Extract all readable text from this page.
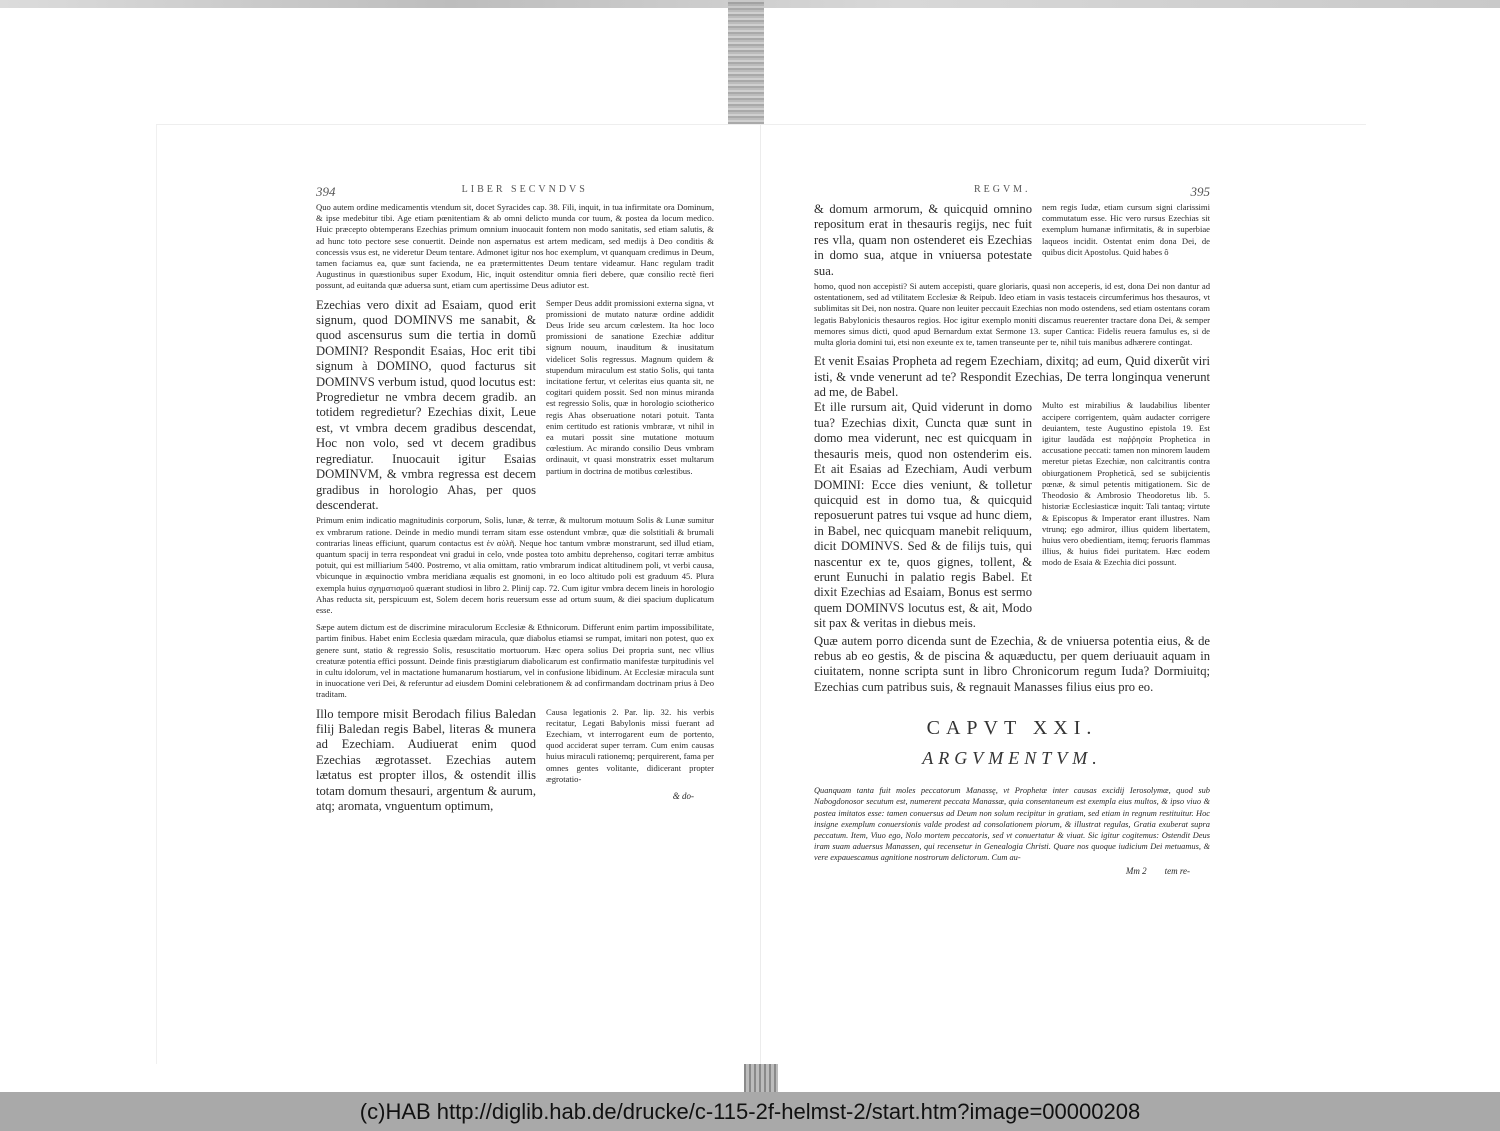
394	LIBER SECVNDVS

Quo autem ordine medicamentis vtendum sit, docet Syracides cap. 38. Fili, inquit, in tua infirmitate ora Dominum, & ipse medebitur tibi. Age etiam pœnitentiam & ab omni delicto munda cor tuum, & postea da locum medico. Huic præcepto obtemperans Ezechias primum omnium inuocauit fontem non modo sanitatis, sed etiam salutis, & ad hunc toto pectore sese conuertit. Deinde non aspernatus est artem medicam, sed medijs à Deo conditis & concessis vsus est, ne videretur Deum tentare. Admonet igitur nos hoc exemplum, vt quanquam credimus in Deum, tamen faciamus ea, quæ sunt facienda, ne ea prætermittentes Deum tentare videamur. Hanc regulam tradit Augustinus in quæstionibus super Exodum, Hic, inquit ostenditur omnia fieri debere, quæ consilio rectè fieri possunt, ad euitanda quæ aduersa sunt, etiam cum apertissime Deus adiutor est.

Ezechias vero dixit ad Esaiam, quod erit signum, quod DOMINVS me sanabit, & quod ascensurus sum die tertia in domũ DOMINI? Respondit Esaias, Hoc erit tibi signum à DOMINO, quod facturus sit DOMINVS verbum istud, quod locutus est: Progredietur ne vmbra decem gradib. an totidem regredietur? Ezechias dixit, Leue est, vt vmbra decem gradibus descendat, Hoc non volo, sed vt decem gradibus regrediatur. Inuocauit igitur Esaias DOMINVM, & vmbra regressa est decem gradibus in horologio Ahas, per quos descenderat.

Semper Deus addit promissioni externa signa, vt promissioni de mutato naturæ ordine addidit Deus Iride seu arcum cœlestem. Ita hoc loco promissioni de sanatione Ezechiæ additur signum nouum, inauditum & inusitatum videlicet Solis regressus. Magnum quidem & stupendum miraculum est statio Solis, qui tanta incitatione fertur, vt celeritas eius quanta sit, ne cogitari quidem possit. Sed non minus miranda est regressio Solis, quæ in horologio sciotherico regis Ahas obseruatione notari potuit. Tanta enim certitudo est rationis vmbraræ, vt nihil in ea mutari possit sine mutatione motuum cœlestium. Ac mirando consilio Deus vmbram ordinauit, vt quasi monstratrix esset multarum partium in doctrina de motibus cœlestibus.

Primum enim indicatio magnitudinis corporum, Solis, lunæ, & terræ, & multorum motuum Solis & Lunæ sumitur ex vmbrarum ratione. Deinde in medio mundi terram sitam esse ostendunt vmbræ, quæ die solstitiali & brumali contrarias lineas efficiunt, quarum contactus est ἐν αὐλῆ. Neque hoc tantum vmbræ monstrarunt, sed illud etiam, quantum spacij in terra respondeat vni gradui in celo, vnde postea toto ambitu deprehenso, cogitari terræ ambitus potuit, qui est milliarium 5400. Postremo, vt alia omittam, ratio vmbrarum indicat altitudinem poli, vt verbi causa, vbicunque in æquinoctio vmbra meridiana æqualis est gnomoni, in eo loco altitudo poli est graduum 45. Plura exempla huius σχηματισμοῦ quærant studiosi in libro 2. Plinij cap. 72. Cum igitur vmbra decem lineis in horologio Ahas reducta sit, perspicuum est, Solem decem horis reuersum esse ad ortum suum, & diei spacium duplicatum esse.

Sæpe autem dictum est de discrimine miraculorum Ecclesiæ & Ethnicorum. Differunt enim partim impossibilitate, partim finibus. Habet enim Ecclesia quædam miracula, quæ diabolus etiamsi se rumpat, imitari non potest, quo ex genere sunt, statio & regressio Solis, resuscitatio mortuorum. Hæc opera solius Dei propria sunt, nec vllius creaturæ potentia effici possunt. Deinde finis præstigiarum diabolicarum est confirmatio manifestæ turpitudinis vel in cultu idolorum, vel in mactatione humanarum hostiarum, vel in confusione libidinum. At Ecclesiæ miracula sunt in inuocatione veri Dei, & referuntur ad eiusdem Domini celebrationem & ad confirmandam doctrinam prius à Deo traditam.

Illo tempore misit Berodach filius Baledan filij Baledan regis Babel, literas & munera ad Ezechiam. Audiuerat enim quod Ezechias ægrotasset. Ezechias autem lætatus est propter illos, & ostendit illis totam domum thesauri, argentum & aurum, atq; aromata, vnguentum optimum,

Causa legationis 2. Par. lip. 32. his verbis recitatur, Legati Babylonis missi fuerant ad Ezechiam, vt interrogarent eum de portento, quod acciderat super terram. Cum enim causas huius miraculi rationemq; perquirerent, fama per omnes gentes volitante, didicerant propter ægrotatio-

& do-
REGVM.	395

& domum armorum, & quicquid omnino repositum erat in thesauris regijs, nec fuit res vlla, quam non ostenderet eis Ezechias in domo sua, atque in vniuersa potestate sua.

nem regis Iudæ, etiam cursum signi clarissimi commutatum esse. Hic vero rursus Ezechias sit exemplum humanæ infirmitatis, & in superbiae laqueos incidit. Ostentat enim dona Dei, de quibus dicit Apostolus. Quid habes ô

homo, quod non accepisti? Si autem accepisti, quare gloriaris, quasi non acceperis, id est, dona Dei non dantur ad ostentationem, sed ad vtilitatem Ecclesiæ & Reipub. Ideo etiam in vasis testaceis circumferimus hos thesauros, vt sublimitas sit Dei, non nostra. Quare non leuiter peccauit Ezechias non modo ostendens, sed etiam ostentans coram legatis Babylonicis thesauros regios. Hoc igitur exemplo moniti discamus reuerenter tractare dona Dei, & semper memores simus dicti, quod apud Bernardum extat Sermone 13. super Cantica: Fidelis reuera famulus es, si de multa gloria domini tui, etsi non exeunte ex te, tamen transeunte per te, nihil tuis manibus adhærere contingat.

Et venit Esaias Propheta ad regem Ezechiam, dixitq; ad eum, Quid dixerũt viri isti, & vnde venerunt ad te? Respondit Ezechias, De terra longinqua venerunt ad me, de Babel.

Et ille rursum ait, Quid viderunt in domo tua? Ezechias dixit, Cuncta quæ sunt in domo mea viderunt, nec est quicquam in thesauris meis, quod non ostenderim eis. Et ait Esaias ad Ezechiam, Audi verbum DOMINI: Ecce dies veniunt, & tolletur quicquid est in domo tua, & quicquid reposuerunt patres tui vsque ad hunc diem, in Babel, nec quicquam manebit reliquum, dicit DOMINVS. Sed & de filijs tuis, qui nascentur ex te, quos gignes, tollent, & erunt Eunuchi in palatio regis Babel. Et dixit Ezechias ad Esaiam, Bonus est sermo quem DOMINVS locutus est, & ait, Modo sit pax & veritas in diebus meis.

Multo est mirabilius & laudabilius libenter accipere corrigentem, quàm audacter corrigere deuiantem, teste Augustino epistola 19. Est igitur laudãda est παῤῥησία Prophetica in accusatione peccati: tamen non minorem laudem meretur pietas Ezechiæ, non calcitrantis contra obiurgationem Propheticã, sed se subijcientis pœnæ, & simul petentis mitigationem. Sic de Theodosio & Ambrosio Theodoretus lib. 5. historiæ Ecclesiasticæ inquit: Tali tantaq; virtute & Episcopus & Imperator erant illustres. Nam vtrunq; ego admiror, illius quidem libertatem, huius vero obedientiam, itemq; feruoris flammas illius, & huius fidei puritatem. Hæc eodem modo de Esaia & Ezechia dici possunt.

Quæ autem porro dicenda sunt de Ezechia, & de vniuersa potentia eius, & de rebus ab eo gestis, & de piscina & aquæductu, per quem deriuauit aquam in ciuitatem, nonne scripta sunt in libro Chronicorum regum Iuda? Dormiuitq; Ezechias cum patribus suis, & regnauit Manasses filius eius pro eo.

CAPVT XXI.
ARGVMENTVM.

Quanquam tanta fuit moles peccatorum Manassę, vt Prophetæ inter causas excidij Ierosolymæ, quod sub Nabogdonosor secutum est, numerent peccata Manassæ, quia consentaneum est exempla eius multos, & ipso viuo & postea imitatos esse: tamen conuersus ad Deum non solum recipitur in gratiam, sed etiam in regnum restituitur. Hoc insigne exemplum conuersionis valde prodest ad consolationem piorum, & illustrat regulas, Gratia exuberat supra peccatum. Item, Viuo ego, Nolo mortem peccatoris, sed vt conuertatur & viuat. Sic igitur cogitemus: Ostendit Deus iram suam aduersus Manassen, qui recensetur in Genealogia Christi. Quare nos quoque iudicium Dei metuamus, & vere expauescamus agnitione nostrorum delictorum. Cum au-

Mm 2 tem re-
(c)HAB http://diglib.hab.de/drucke/c-115-2f-helmst-2/start.htm?image=00000208
